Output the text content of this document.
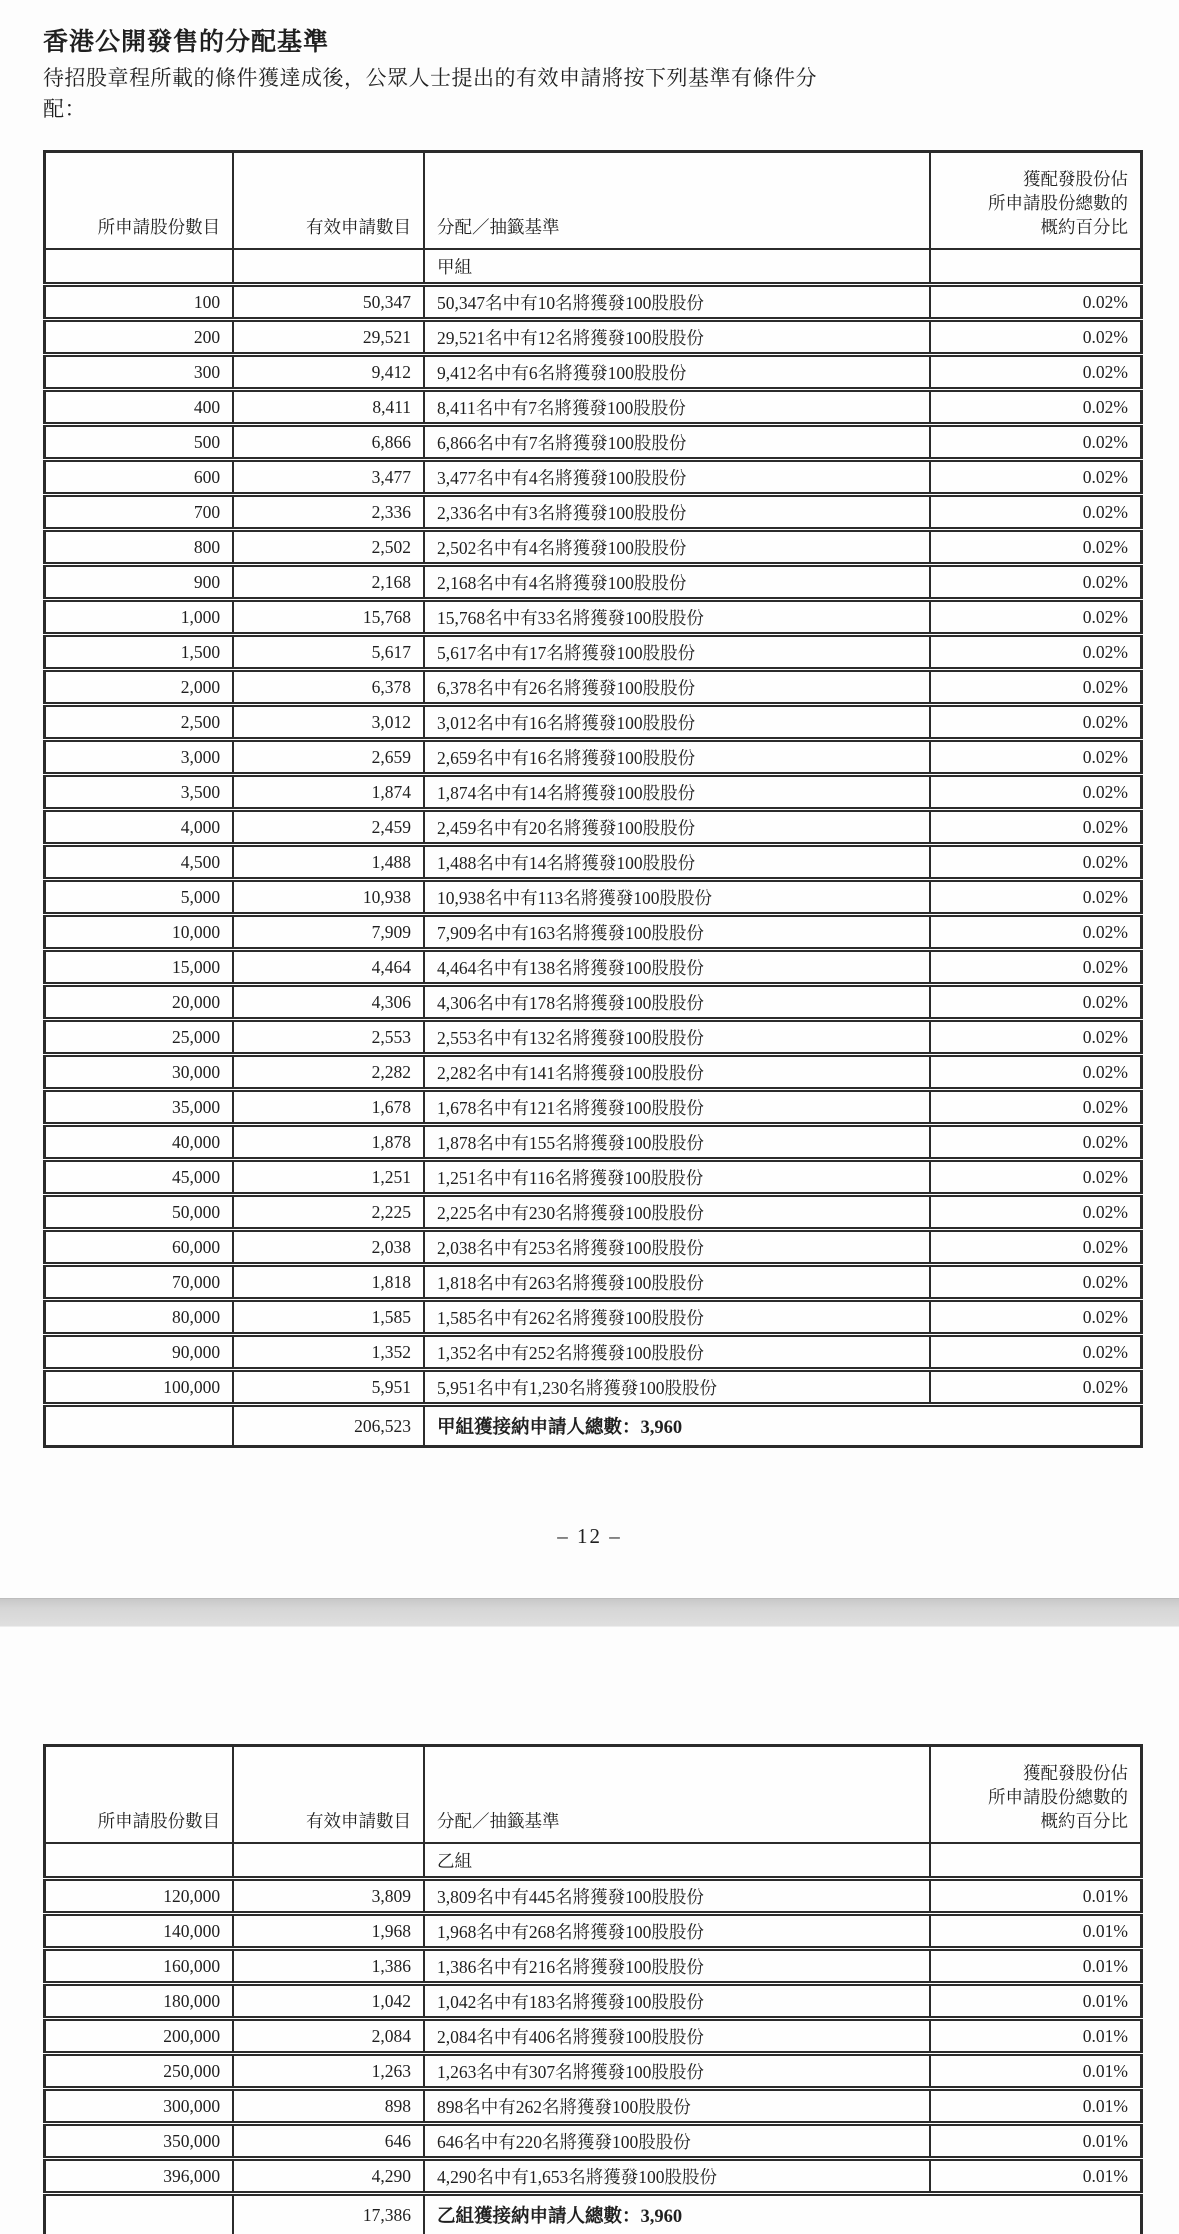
香港公開發售的分配基準
待招股章程所載的條件獲達成後，公眾人士提出的有效申請將按下列基準有條件分
配：
所申請股份數目	有效申請數目	分配／抽籤基準	獲配發股份佔
所申請股份總數的
概約百分比

		甲組	
100	50,347	50,347名中有10名將獲發100股股份	0.02%
200	29,521	29,521名中有12名將獲發100股股份	0.02%
300	9,412	9,412名中有6名將獲發100股股份	0.02%
400	8,411	8,411名中有7名將獲發100股股份	0.02%
500	6,866	6,866名中有7名將獲發100股股份	0.02%
600	3,477	3,477名中有4名將獲發100股股份	0.02%
700	2,336	2,336名中有3名將獲發100股股份	0.02%
800	2,502	2,502名中有4名將獲發100股股份	0.02%
900	2,168	2,168名中有4名將獲發100股股份	0.02%
1,000	15,768	15,768名中有33名將獲發100股股份	0.02%
1,500	5,617	5,617名中有17名將獲發100股股份	0.02%
2,000	6,378	6,378名中有26名將獲發100股股份	0.02%
2,500	3,012	3,012名中有16名將獲發100股股份	0.02%
3,000	2,659	2,659名中有16名將獲發100股股份	0.02%
3,500	1,874	1,874名中有14名將獲發100股股份	0.02%
4,000	2,459	2,459名中有20名將獲發100股股份	0.02%
4,500	1,488	1,488名中有14名將獲發100股股份	0.02%
5,000	10,938	10,938名中有113名將獲發100股股份	0.02%
10,000	7,909	7,909名中有163名將獲發100股股份	0.02%
15,000	4,464	4,464名中有138名將獲發100股股份	0.02%
20,000	4,306	4,306名中有178名將獲發100股股份	0.02%
25,000	2,553	2,553名中有132名將獲發100股股份	0.02%
30,000	2,282	2,282名中有141名將獲發100股股份	0.02%
35,000	1,678	1,678名中有121名將獲發100股股份	0.02%
40,000	1,878	1,878名中有155名將獲發100股股份	0.02%
45,000	1,251	1,251名中有116名將獲發100股股份	0.02%
50,000	2,225	2,225名中有230名將獲發100股股份	0.02%
60,000	2,038	2,038名中有253名將獲發100股股份	0.02%
70,000	1,818	1,818名中有263名將獲發100股股份	0.02%
80,000	1,585	1,585名中有262名將獲發100股股份	0.02%
90,000	1,352	1,352名中有252名將獲發100股股份	0.02%
100,000	5,951	5,951名中有1,230名將獲發100股股份	0.02%
	206,523	甲組獲接納申請人總數：3,960	
– 12 –
所申請股份數目	有效申請數目	分配／抽籤基準	獲配發股份佔
所申請股份總數的
概約百分比

		乙組	
120,000	3,809	3,809名中有445名將獲發100股股份	0.01%
140,000	1,968	1,968名中有268名將獲發100股股份	0.01%
160,000	1,386	1,386名中有216名將獲發100股股份	0.01%
180,000	1,042	1,042名中有183名將獲發100股股份	0.01%
200,000	2,084	2,084名中有406名將獲發100股股份	0.01%
250,000	1,263	1,263名中有307名將獲發100股股份	0.01%
300,000	898	898名中有262名將獲發100股股份	0.01%
350,000	646	646名中有220名將獲發100股股份	0.01%
396,000	4,290	4,290名中有1,653名將獲發100股股份	0.01%
	17,386	乙組獲接納申請人總數：3,960	
